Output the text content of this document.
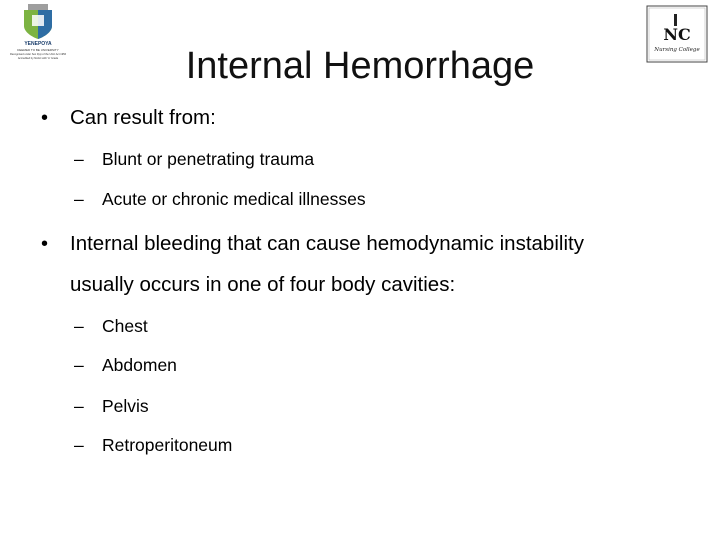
YENEPOYA
DEEMED TO BE UNIVERSITY
Recognised under Sec 3(a) of the UGC Act 1956
Accredited by NAAC with 'A' Grade
NC
Nursing College
Internal Hemorrhage
• Can result from:
– Blunt or penetrating trauma
– Acute or chronic medical illnesses
• Internal bleeding that can cause hemodynamic instability
usually occurs in one of four body cavities:
– Chest
– Abdomen
– Pelvis
– Retroperitoneum
